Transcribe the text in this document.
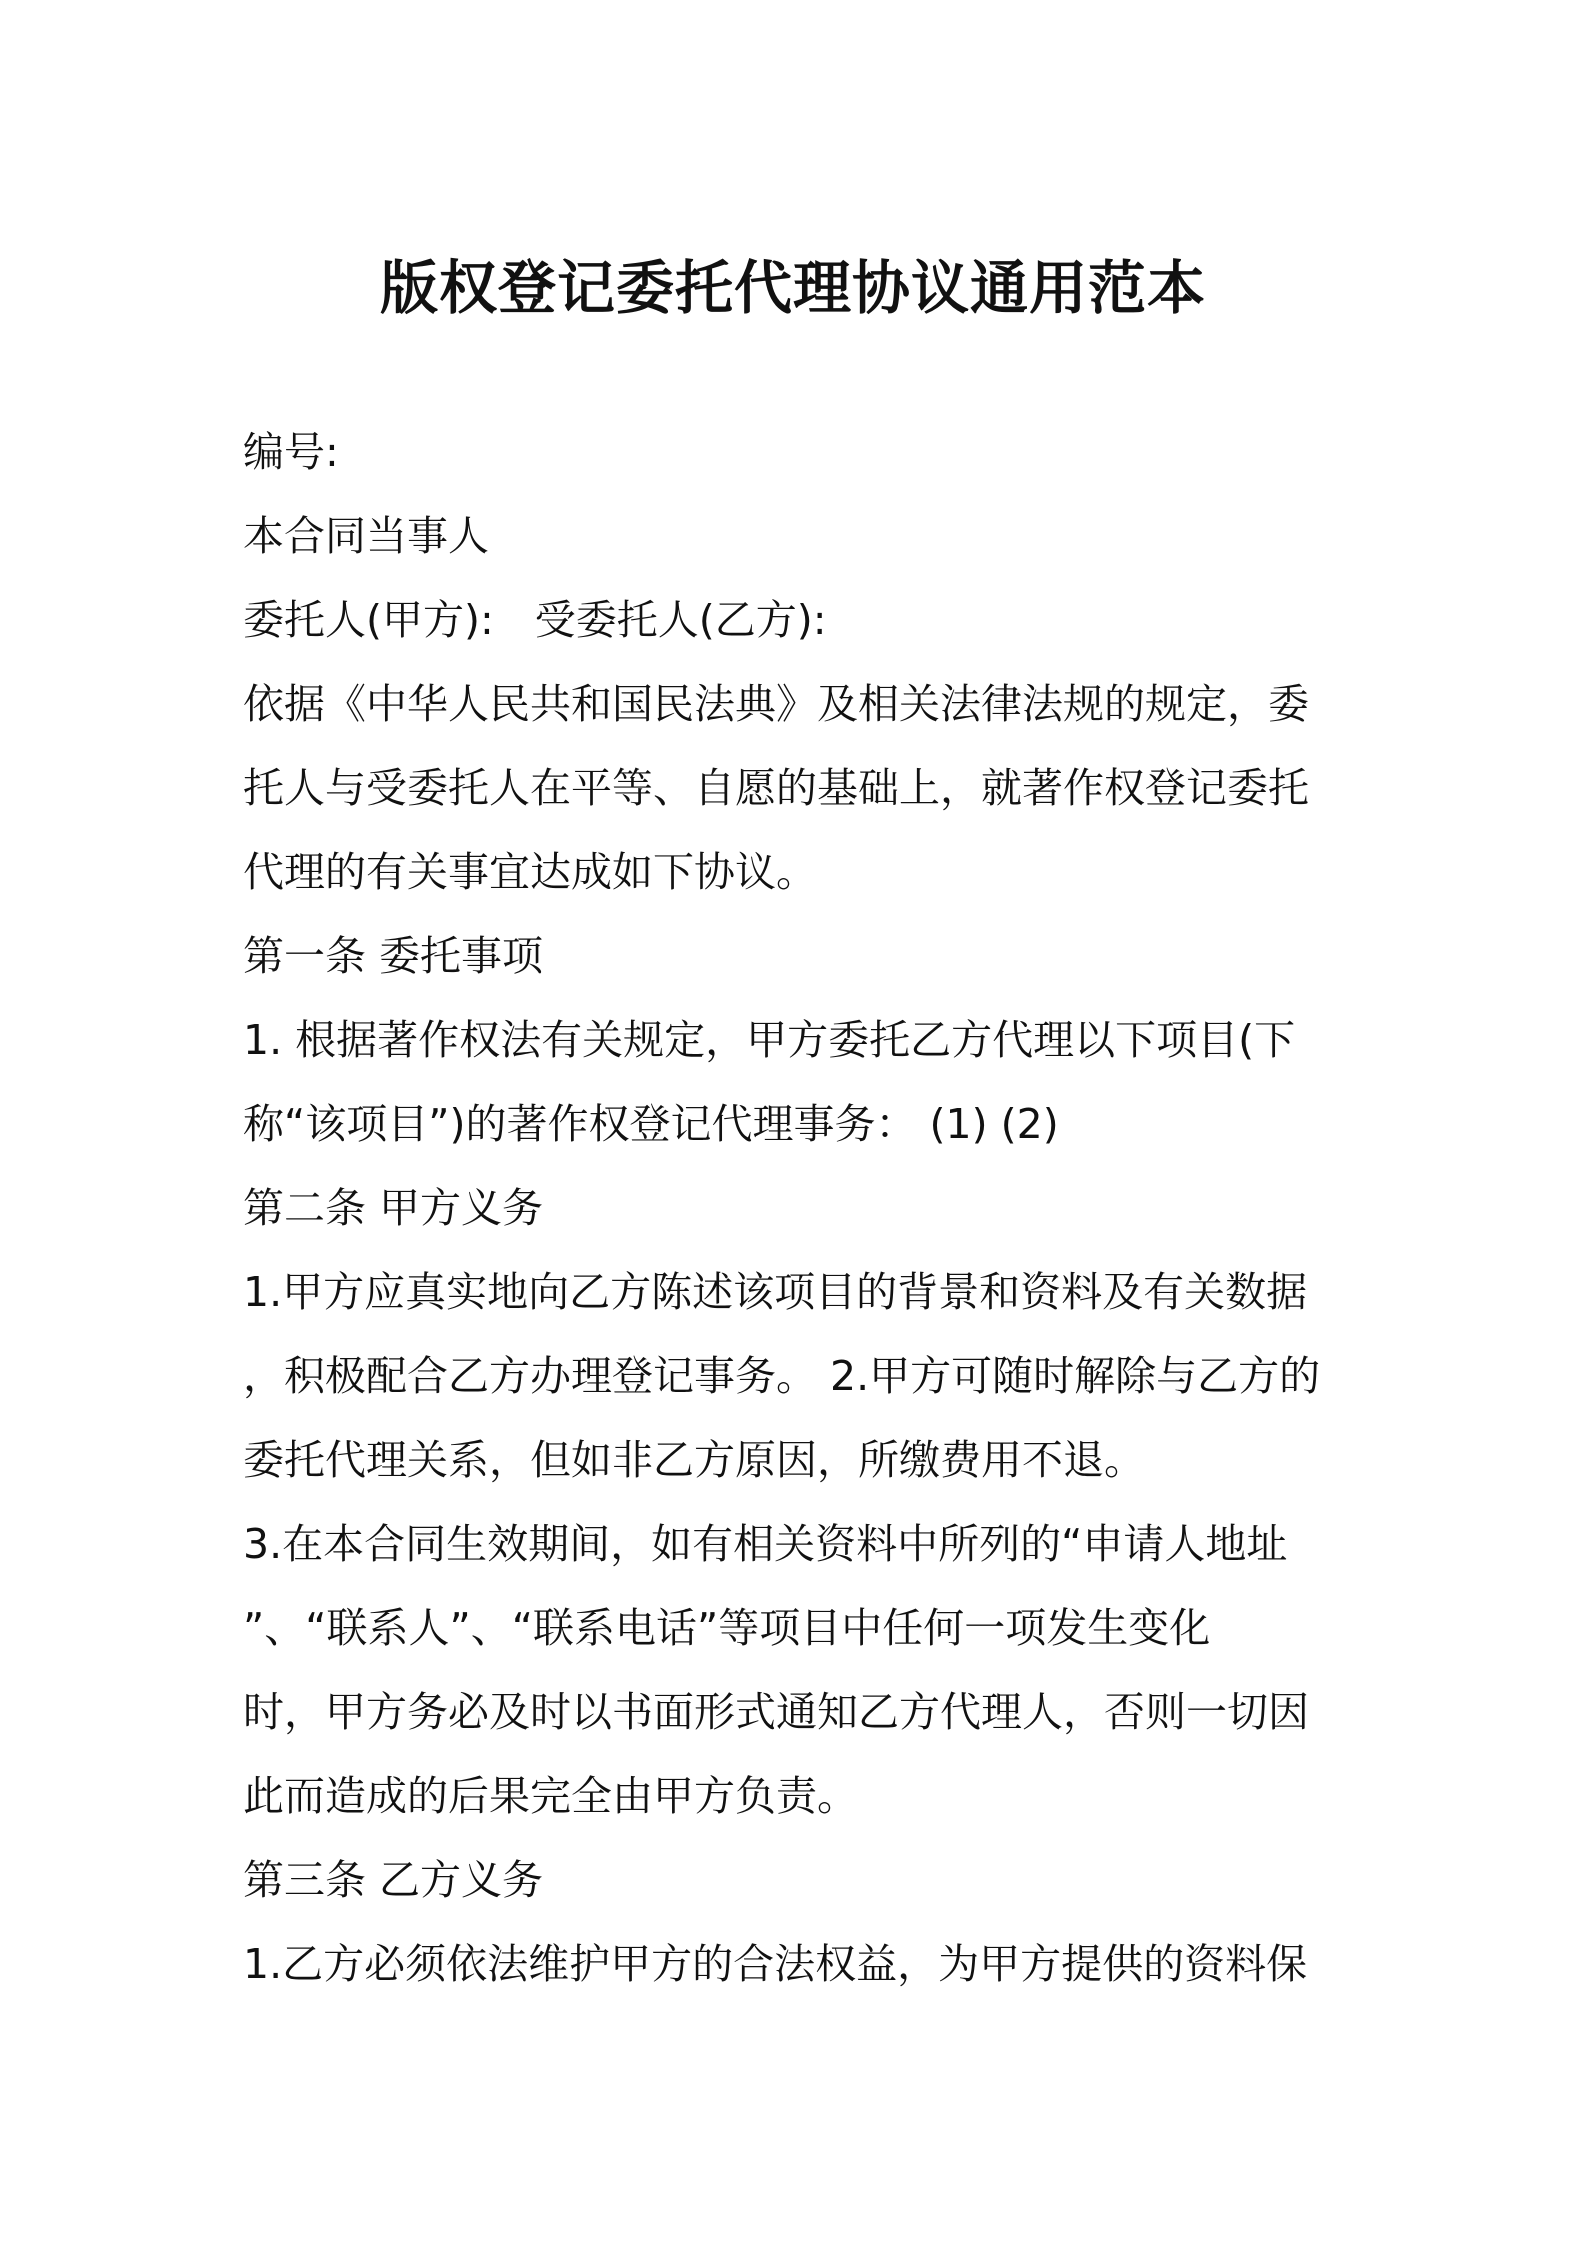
版权登记委托代理协议通用范本
编号:
本合同当事人
委托人(甲方):　受委托人(乙方):
依据《中华人民共和国民法典》及相关法律法规的规定，委
托人与受委托人在平等、自愿的基础上，就著作权登记委托
代理的有关事宜达成如下协议。
第一条 委托事项
1. 根据著作权法有关规定，甲方委托乙方代理以下项目(下
称“该项目”)的著作权登记代理事务： (1) (2)
第二条 甲方义务
1.甲方应真实地向乙方陈述该项目的背景和资料及有关数据
，积极配合乙方办理登记事务。 2.甲方可随时解除与乙方的
委托代理关系，但如非乙方原因，所缴费用不退。
3.在本合同生效期间，如有相关资料中所列的“申请人地址
”、“联系人”、“联系电话”等项目中任何一项发生变化
时，甲方务必及时以书面形式通知乙方代理人，否则一切因
此而造成的后果完全由甲方负责。
第三条 乙方义务
1.乙方必须依法维护甲方的合法权益，为甲方提供的资料保
